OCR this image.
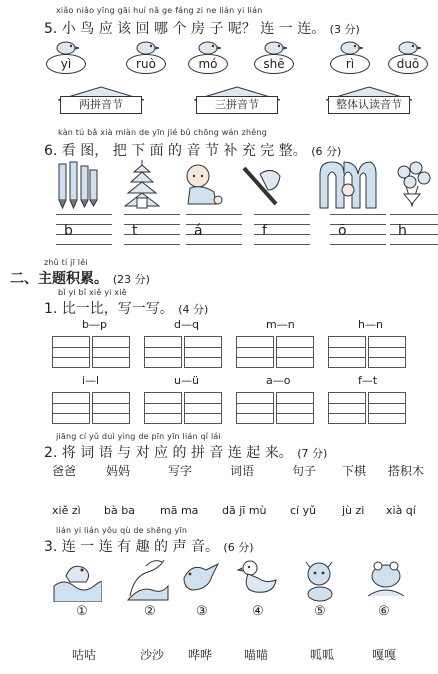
xiǎo niǎo yīng gāi huí nǎ ge fáng zi ne lián yi lián
5. 小 鸟 应 该 回 哪 个 房 子 呢？ 连 一 连。 (3 分)
yì	ruò	mó	shē	rì	duō
两拼音节	三拼音节	整体认读音节
kàn tú bǎ xià miàn de yīn jié bǔ chōng wán zhěng
6. 看 图， 把 下 面 的 音 节 补 充 完 整。 (6 分)
b	t	á	f	ō	h
zhǔ tí jī lěi
二、主题积累。 (23 分)
bǐ yi bǐ xiě yi xiě
1. 比一比，写一写。 (4 分)
b—p	d—q	m—n	h—n
i—l	u—ü	a—o	f—t
jiāng cí yǔ duì yìng de pīn yīn lián qǐ lái
2. 将 词 语 与 对 应 的 拼 音 连 起 来。 (7 分)
爸爸 妈妈	写字	词语	句子 下棋 搭积木
xiě zì bà ba mā ma dā jī mù cí yǔ jù zi xià qí
lián yi lián yǒu qù de shēng yīn
3. 连 一 连 有 趣 的 声 音。 (6 分)
①	②	③	④	⑤	⑥
咕咕	沙沙 哗哗	喵喵	呱呱	嘎嘎
